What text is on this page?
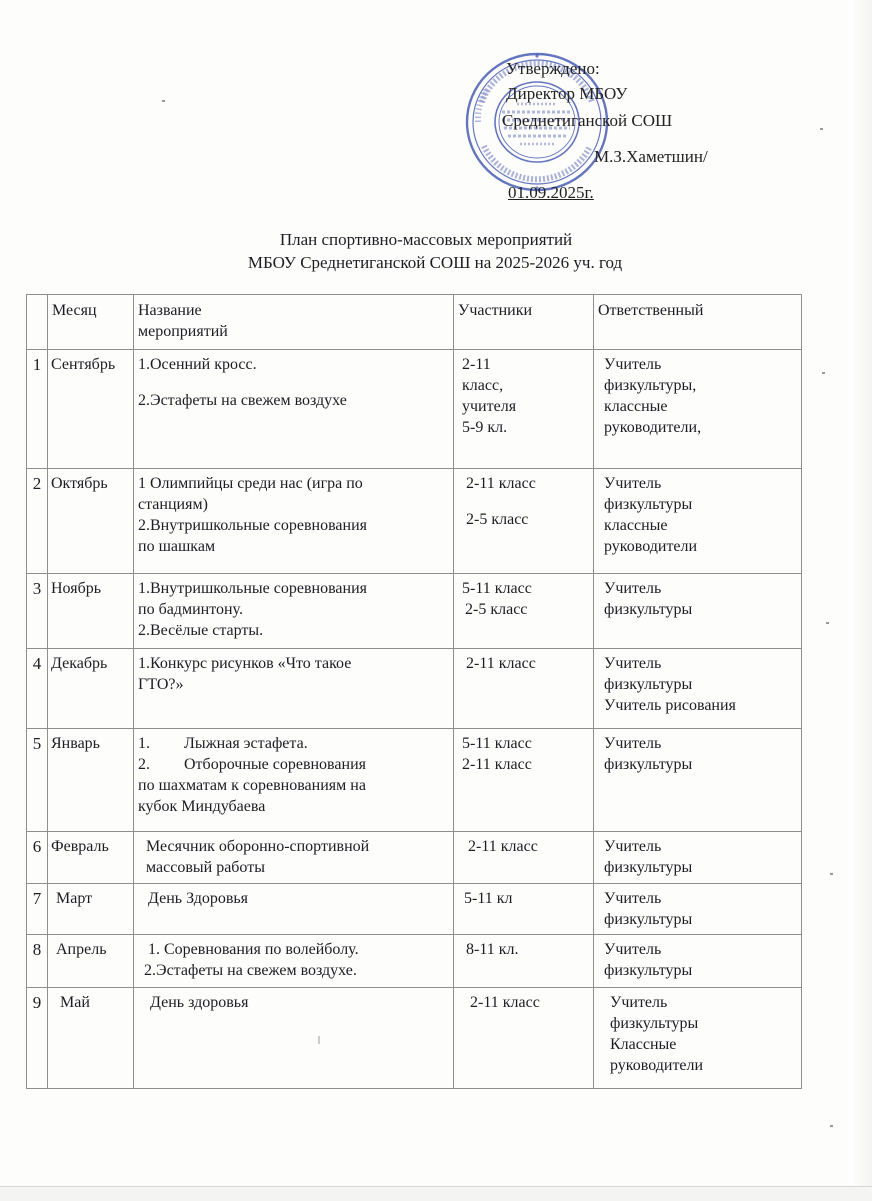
Утверждено:
Директор МБОУ
Среднетиганской СОШ
М.З.Хаметшин/
01.09.2025г.
План спортивно-массовых мероприятий
МБОУ Среднетиганской СОШ на 2025-2026 уч. год
	Месяц	Название
мероприятий	Участники	Ответственный
1	Сентябрь	1.Осенний кросс.
2.Эстафеты на свежем воздухе	2-11
класс,
учителя
5-9 кл.	Учитель
физкультуры,
классные
руководители,

2	Октябрь	1 Олимпийцы среди нас (игра по
станциям)
2.Внутришкольные соревнования
по шашкам	2-11 класс
2-5 класс	Учитель
физкультуры
классные
руководители

3	Ноябрь	1.Внутришкольные соревнования
по бадминтону.
2.Весёлые старты.	5-11 класс
2-5 класс	Учитель
физкультуры

4	Декабрь	1.Конкурс рисунков «Что такое
ГТО?»	2-11 класс	Учитель
физкультуры
Учитель рисования

5	Январь	1. Лыжная эстафета.
2. Отборочные соревнования
по шахматам к соревнованиям на
кубок Миндубаева	5-11 класс
2-11 класс	Учитель
физкультуры

6	Февраль	Месячник оборонно-спортивной
массовый работы	2-11 класс	Учитель
физкультуры

7	Март	День Здоровья	5-11 кл	Учитель
физкультуры

8	Апрель	1. Соревнования по волейболу.
2.Эстафеты на свежем воздухе.	8-11 кл.	Учитель
физкультуры

9	Май	День здоровья	2-11 класс	Учитель
физкультуры
Классные
руководители
